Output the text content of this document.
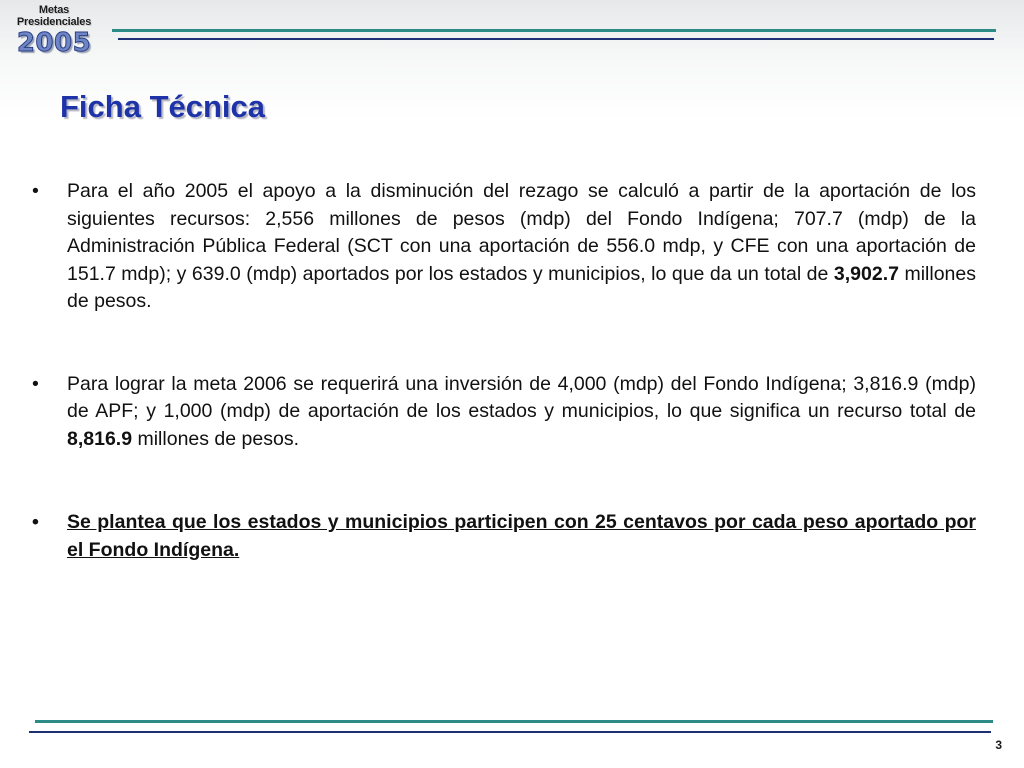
Metas
Presidenciales
2005
Ficha Técnica
• Para el año 2005 el apoyo a la disminución del rezago se calculó a partir de la aportación de los siguientes recursos: 2,556 millones de pesos (mdp) del Fondo Indígena; 707.7 (mdp) de la Administración Pública Federal (SCT con una aportación de 556.0 mdp, y CFE con una aportación de 151.7 mdp); y 639.0 (mdp) aportados por los estados y municipios, lo que da un total de 3,902.7 millones de pesos.
• Para lograr la meta 2006 se requerirá una inversión de 4,000 (mdp) del Fondo Indígena; 3,816.9 (mdp) de APF; y 1,000 (mdp) de aportación de los estados y municipios, lo que significa un recurso total de 8,816.9 millones de pesos.
• Se plantea que los estados y municipios participen con 25 centavos por cada peso aportado por el Fondo Indígena.
3
